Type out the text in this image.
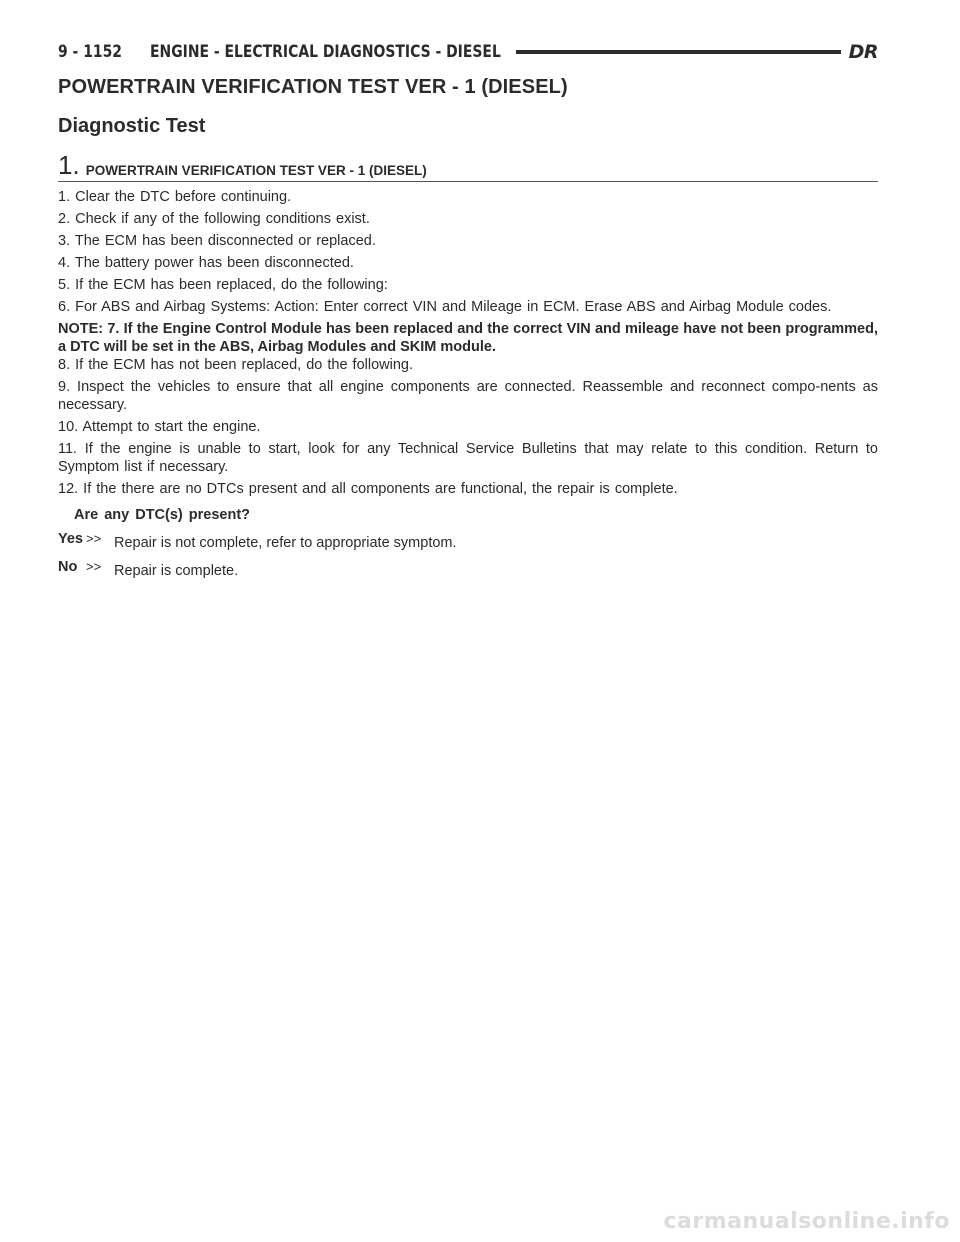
9 - 1152	ENGINE - ELECTRICAL DIAGNOSTICS - DIESEL	DR
POWERTRAIN VERIFICATION TEST VER - 1 (DIESEL)
Diagnostic Test
1. POWERTRAIN VERIFICATION TEST VER - 1 (DIESEL)

1. Clear the DTC before continuing.

2. Check if any of the following conditions exist.

3. The ECM has been disconnected or replaced.

4. The battery power has been disconnected.

5. If the ECM has been replaced, do the following:

6. For ABS and Airbag Systems: Action: Enter correct VIN and Mileage in ECM. Erase ABS and Airbag Module codes.

NOTE: 7. If the Engine Control Module has been replaced and the correct VIN and mileage have not been programmed, a DTC will be set in the ABS, Airbag Modules and SKIM module.

8. If the ECM has not been replaced, do the following.

9. Inspect the vehicles to ensure that all engine components are connected. Reassemble and reconnect compo-nents as necessary.

10. Attempt to start the engine.

11. If the engine is unable to start, look for any Technical Service Bulletins that may relate to this condition. Return to Symptom list if necessary.

12. If the there are no DTCs present and all components are functional, the repair is complete.

Are any DTC(s) present?

Yes >> Repair is not complete, refer to appropriate symptom.
No >> Repair is complete.
carmanualsonline.info
